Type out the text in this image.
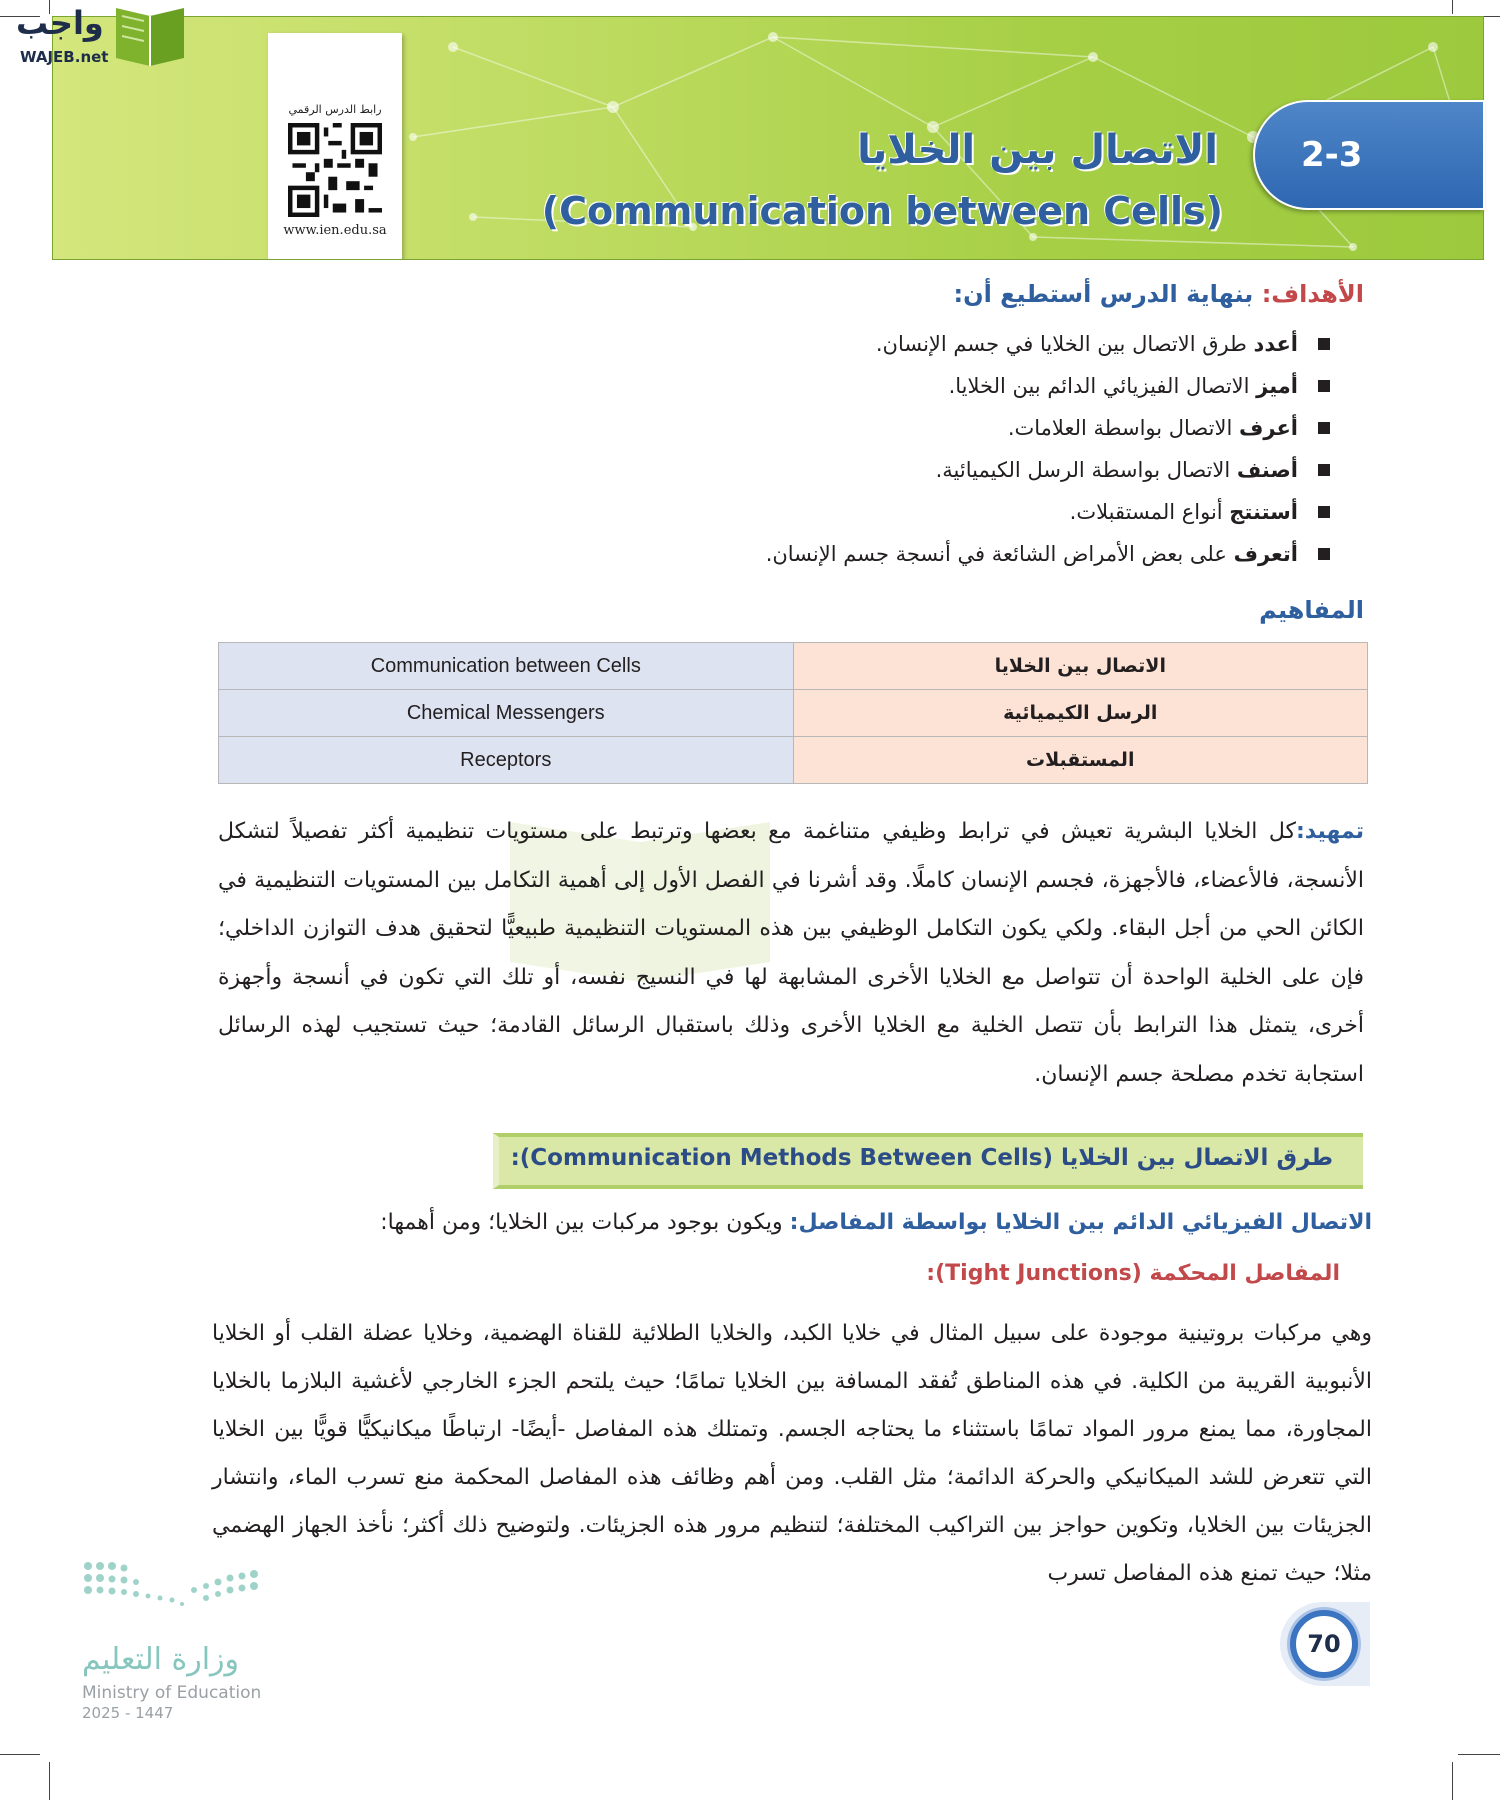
رابط الدرس الرقمي
www.ien.edu.sa
الاتصال بين الخلايا
(Communication between Cells)
2-3
واجب
WAJEB.net
الأهداف: بنهاية الدرس أستطيع أن:
أعدد طرق الاتصال بين الخلايا في جسم الإنسان.
أميز الاتصال الفيزيائي الدائم بين الخلايا.
أعرف الاتصال بواسطة العلامات.
أصنف الاتصال بواسطة الرسل الكيميائية.
أستنتج أنواع المستقبلات.
أتعرف على بعض الأمراض الشائعة في أنسجة جسم الإنسان.
المفاهيم
Communication between Cells	الاتصال بين الخلايا
Chemical Messengers	الرسل الكيميائية
Receptors	المستقبلات

تمهيد:كل الخلايا البشرية تعيش في ترابط وظيفي متناغمة مع بعضها وترتبط على مستويات تنظيمية أكثر تفصيلاً لتشكل الأنسجة، فالأعضاء، فالأجهزة، فجسم الإنسان كاملًا. وقد أشرنا في الفصل الأول إلى أهمية التكامل بين المستويات التنظيمية في الكائن الحي من أجل البقاء. ولكي يكون التكامل الوظيفي بين هذه المستويات التنظيمية طبيعيًّا لتحقيق هدف التوازن الداخلي؛ فإن على الخلية الواحدة أن تتواصل مع الخلايا الأخرى المشابهة لها في النسيج نفسه، أو تلك التي تكون في أنسجة وأجهزة أخرى، يتمثل هذا الترابط بأن تتصل الخلية مع الخلايا الأخرى وذلك باستقبال الرسائل القادمة؛ حيث تستجيب لهذه الرسائل استجابة تخدم مصلحة جسم الإنسان.

طرق الاتصال بين الخلايا (Communication Methods Between Cells):
الاتصال الفيزيائي الدائم بين الخلايا بواسطة المفاصل: ويكون بوجود مركبات بين الخلايا؛ ومن أهمها:
المفاصل المحكمة (Tight Junctions):

وهي مركبات بروتينية موجودة على سبيل المثال في خلايا الكبد، والخلايا الطلائية للقناة الهضمية، وخلايا عضلة القلب أو الخلايا الأنبوبية القريبة من الكلية. في هذه المناطق تُفقد المسافة بين الخلايا تمامًا؛ حيث يلتحم الجزء الخارجي لأغشية البلازما بالخلايا المجاورة، مما يمنع مرور المواد تمامًا باستثناء ما يحتاجه الجسم. وتمتلك هذه المفاصل -أيضًا- ارتباطًا ميكانيكيًّا قويًّا بين الخلايا التي تتعرض للشد الميكانيكي والحركة الدائمة؛ مثل القلب. ومن أهم وظائف هذه المفاصل المحكمة منع تسرب الماء، وانتشار الجزيئات بين الخلايا، وتكوين حواجز بين التراكيب المختلفة؛ لتنظيم مرور هذه الجزيئات. ولتوضيح ذلك أكثر؛ نأخذ الجهاز الهضمي مثلا؛ حيث تمنع هذه المفاصل تسرب

وزارة التعليم
Ministry of Education
2025 - 1447
70
